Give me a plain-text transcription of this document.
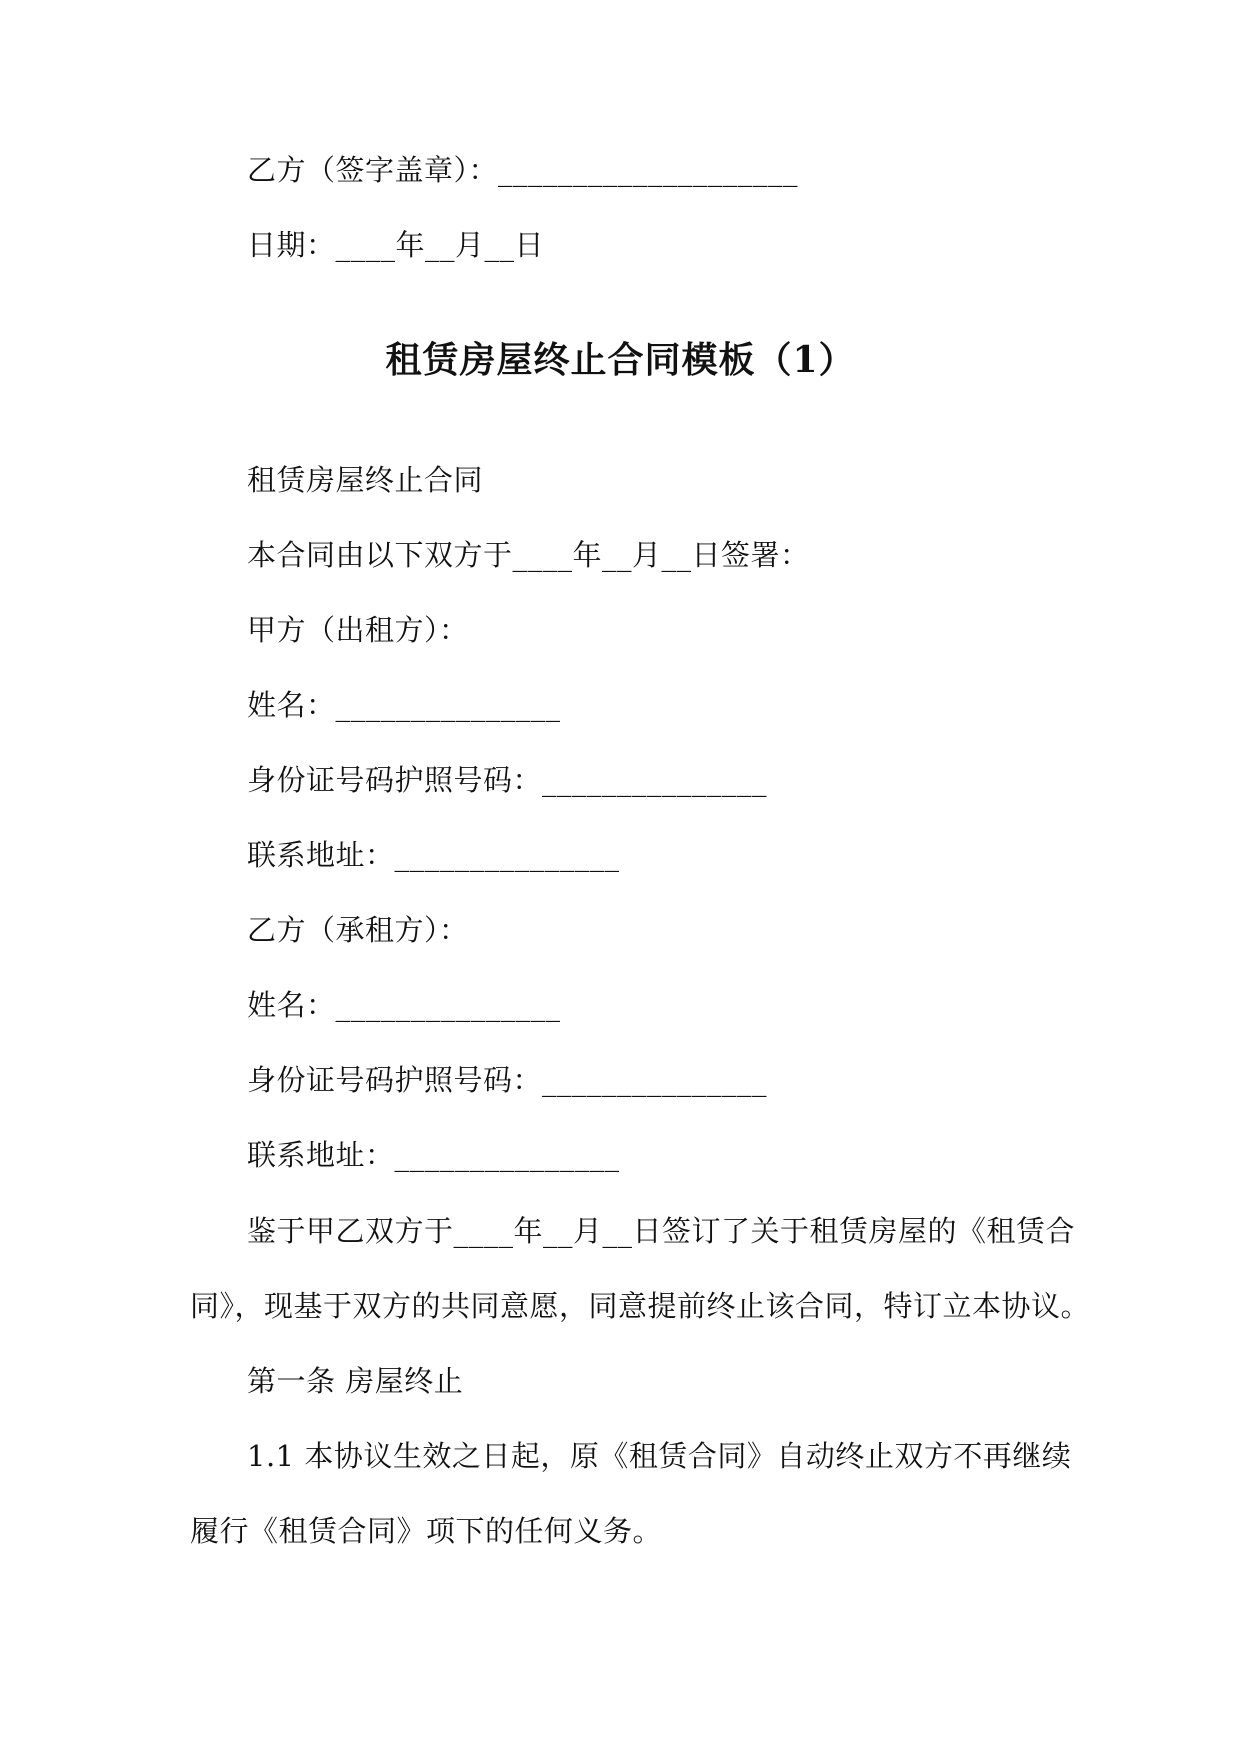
乙方（签字盖章）：____________________
日期：____年__月__日
租赁房屋终止合同模板（1）
租赁房屋终止合同
本合同由以下双方于____年__月__日签署：
甲方（出租方）：
姓名：_______________
身份证号码护照号码：_______________
联系地址：_______________
乙方（承租方）：
姓名：_______________
身份证号码护照号码：_______________
联系地址：_______________
鉴于甲乙双方于____年__月__日签订了关于租赁房屋的《租赁合
同》，现基于双方的共同意愿，同意提前终止该合同，特订立本协议。
第一条 房屋终止
1.1 本协议生效之日起，原《租赁合同》自动终止双方不再继续
履行《租赁合同》项下的任何义务。
